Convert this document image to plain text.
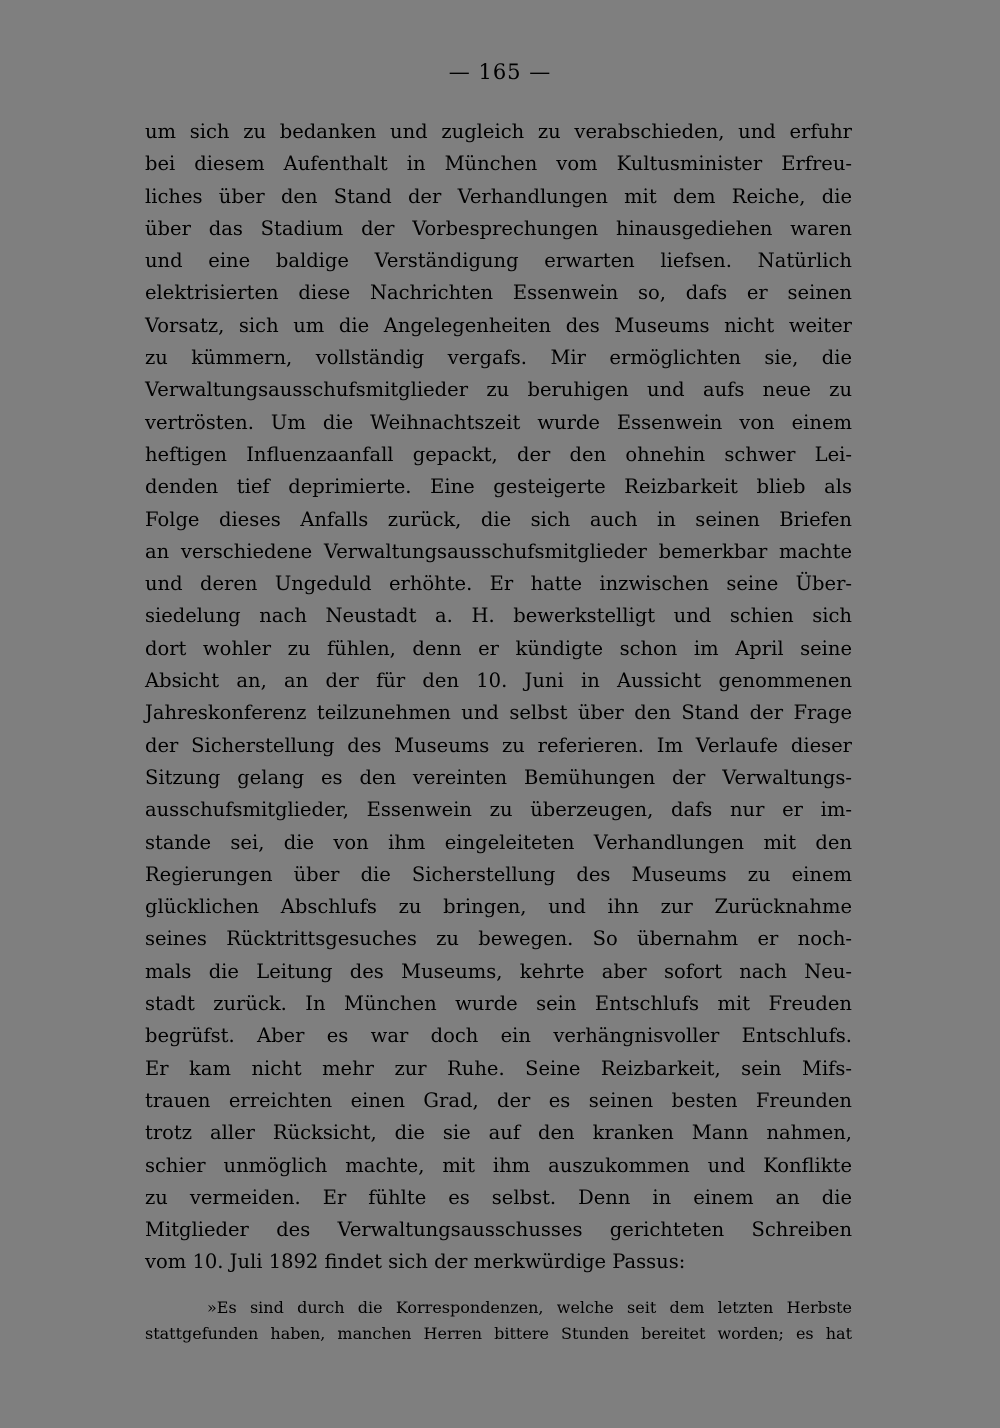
— 165 —
um sich zu bedanken und zugleich zu verabschieden, und erfuhr
bei diesem Aufenthalt in München vom Kultusminister Erfreu-
liches über den Stand der Verhandlungen mit dem Reiche, die
über das Stadium der Vorbesprechungen hinausgediehen waren
und eine baldige Verständigung erwarten liefsen. Natürlich
elektrisierten diese Nachrichten Essenwein so, dafs er seinen
Vorsatz, sich um die Angelegenheiten des Museums nicht weiter
zu kümmern, vollständig vergafs. Mir ermöglichten sie, die
Verwaltungsausschufsmitglieder zu beruhigen und aufs neue zu
vertrösten. Um die Weihnachtszeit wurde Essenwein von einem
heftigen Influenzaanfall gepackt, der den ohnehin schwer Lei-
denden tief deprimierte. Eine gesteigerte Reizbarkeit blieb als
Folge dieses Anfalls zurück, die sich auch in seinen Briefen
an verschiedene Verwaltungsausschufsmitglieder bemerkbar machte
und deren Ungeduld erhöhte. Er hatte inzwischen seine Über-
siedelung nach Neustadt a. H. bewerkstelligt und schien sich
dort wohler zu fühlen, denn er kündigte schon im April seine
Absicht an, an der für den 10. Juni in Aussicht genommenen
Jahreskonferenz teilzunehmen und selbst über den Stand der Frage
der Sicherstellung des Museums zu referieren. Im Verlaufe dieser
Sitzung gelang es den vereinten Bemühungen der Verwaltungs-
ausschufsmitglieder, Essenwein zu überzeugen, dafs nur er im-
stande sei, die von ihm eingeleiteten Verhandlungen mit den
Regierungen über die Sicherstellung des Museums zu einem
glücklichen Abschlufs zu bringen, und ihn zur Zurücknahme
seines Rücktrittsgesuches zu bewegen. So übernahm er noch-
mals die Leitung des Museums, kehrte aber sofort nach Neu-
stadt zurück. In München wurde sein Entschlufs mit Freuden
begrüfst. Aber es war doch ein verhängnisvoller Entschlufs.
Er kam nicht mehr zur Ruhe. Seine Reizbarkeit, sein Mifs-
trauen erreichten einen Grad, der es seinen besten Freunden
trotz aller Rücksicht, die sie auf den kranken Mann nahmen,
schier unmöglich machte, mit ihm auszukommen und Konflikte
zu vermeiden. Er fühlte es selbst. Denn in einem an die
Mitglieder des Verwaltungsausschusses gerichteten Schreiben
vom 10. Juli 1892 findet sich der merkwürdige Passus:
»Es sind durch die Korrespondenzen, welche seit dem letzten Herbste
stattgefunden haben, manchen Herren bittere Stunden bereitet worden; es hat
